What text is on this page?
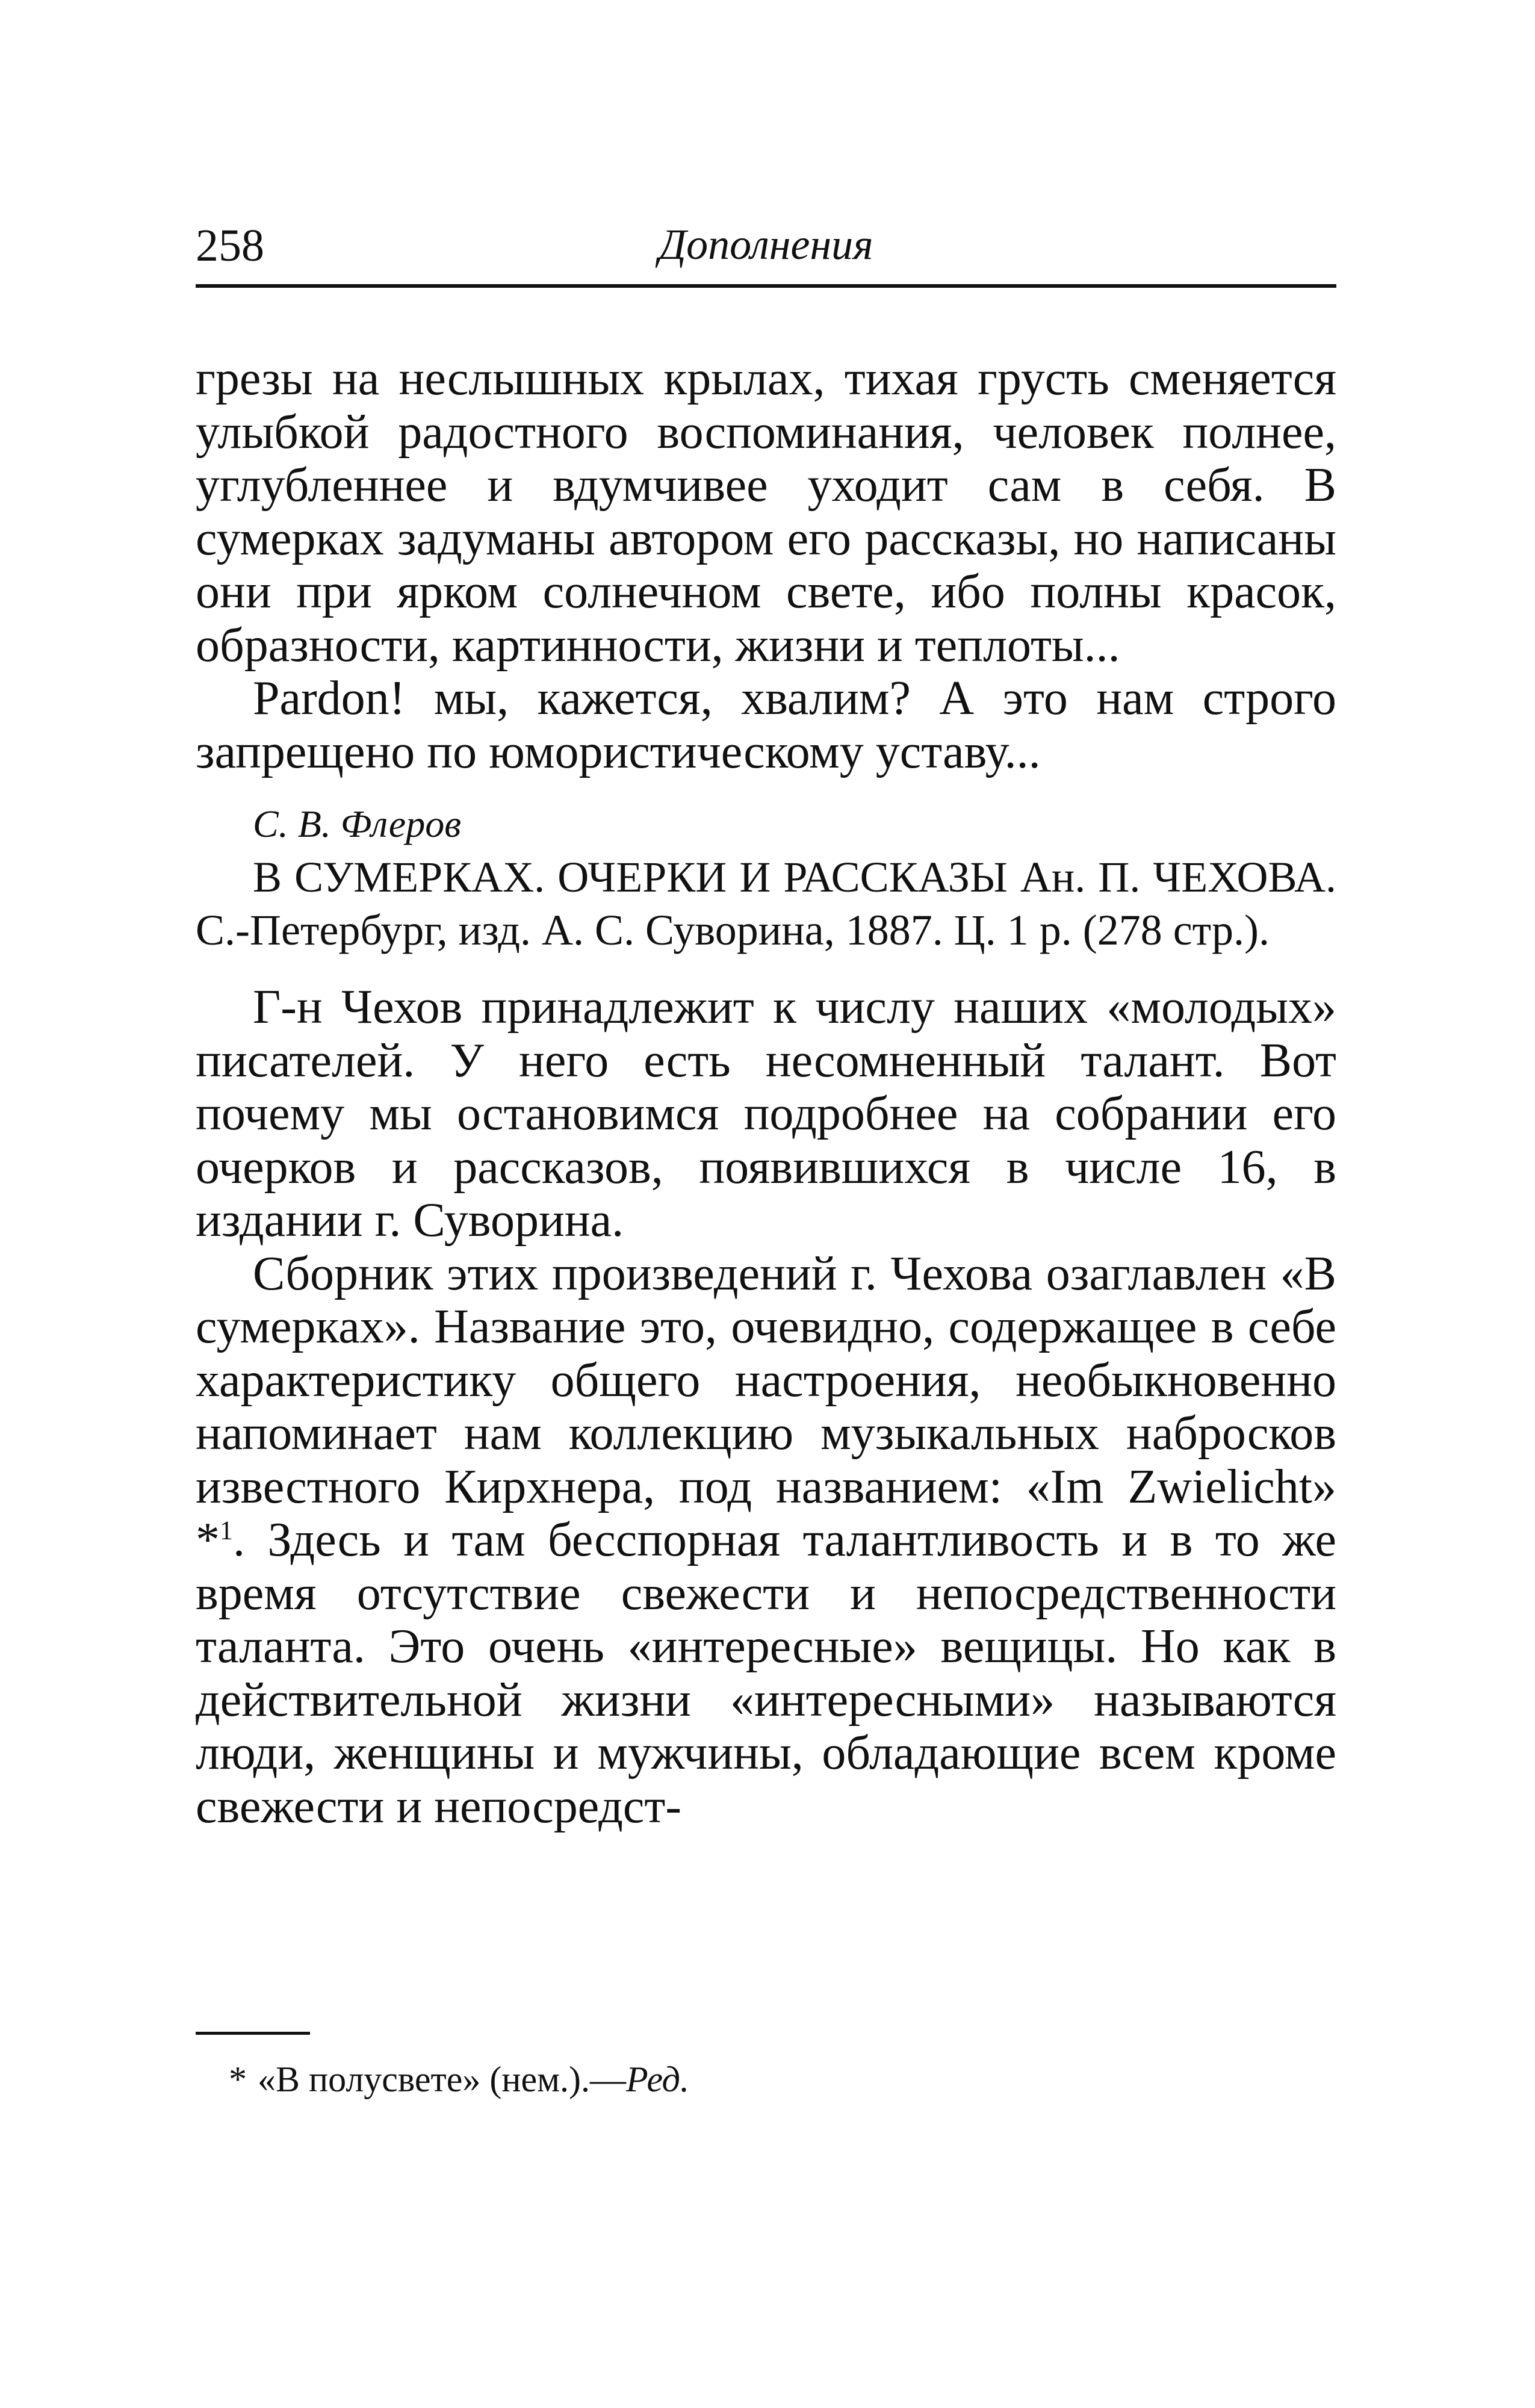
258	Дополнения

грезы на неслышных крылах, тихая грусть сменяется улыбкой радостного воспоминания, человек полнее, углубленнее и вдумчивее уходит сам в себя. В сумерках задуманы автором его рассказы, но написаны они при ярком солнечном свете, ибо полны красок, образности, картинности, жизни и теплоты...

Pardon! мы, кажется, хвалим? А это нам строго запрещено по юмористическому уставу...

С. В. Флеров

В СУМЕРКАХ. ОЧЕРКИ И РАССКАЗЫ Ан. П. ЧЕХОВА. С.-Петербург, изд. А. С. Суворина, 1887. Ц. 1 р. (278 стр.).

Г-н Чехов принадлежит к числу наших «молодых» писателей. У него есть несомненный талант. Вот почему мы остановимся подробнее на собрании его очерков и рассказов, появившихся в числе 16, в издании г. Суворина.

Сборник этих произведений г. Чехова озаглавлен «В сумерках». Название это, очевидно, содержащее в себе характеристику общего настроения, необыкновенно напоминает нам коллекцию музыкальных набросков известного Кирхнера, под названием: «Im Zwielicht» *$^1$. Здесь и там бесспорная талантливость и в то же время отсутствие свежести и непосредственности таланта. Это очень «интересные» вещицы. Но как в действительной жизни «интересными» называются люди, женщины и мужчины, обладающие всем кроме свежести и непосредст-

* «В полусвете» (нем.).—Ред.
